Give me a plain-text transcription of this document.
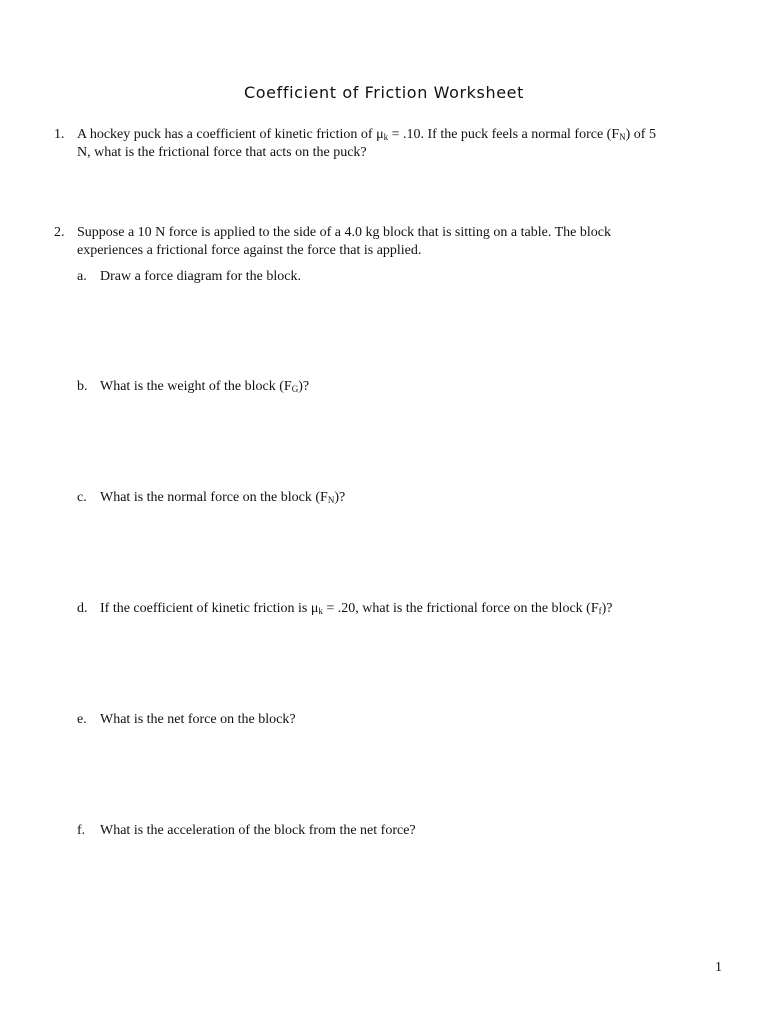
Coefficient of Friction Worksheet
1. A hockey puck has a coefficient of kinetic friction of $\mu_k = .10$. If the puck feels a normal force $(F_N)$ of 5
N, what is the frictional force that acts on the puck?
2. Suppose a 10 N force is applied to the side of a 4.0 kg block that is sitting on a table. The block
experiences a frictional force against the force that is applied.
a. Draw a force diagram for the block.
b. What is the weight of the block $(F_G)$?
c. What is the normal force on the block $(F_N)$?
d. If the coefficient of kinetic friction is $\mu_k = .20$, what is the frictional force on the block $(F_f)$?
e. What is the net force on the block?
f. What is the acceleration of the block from the net force?
1
